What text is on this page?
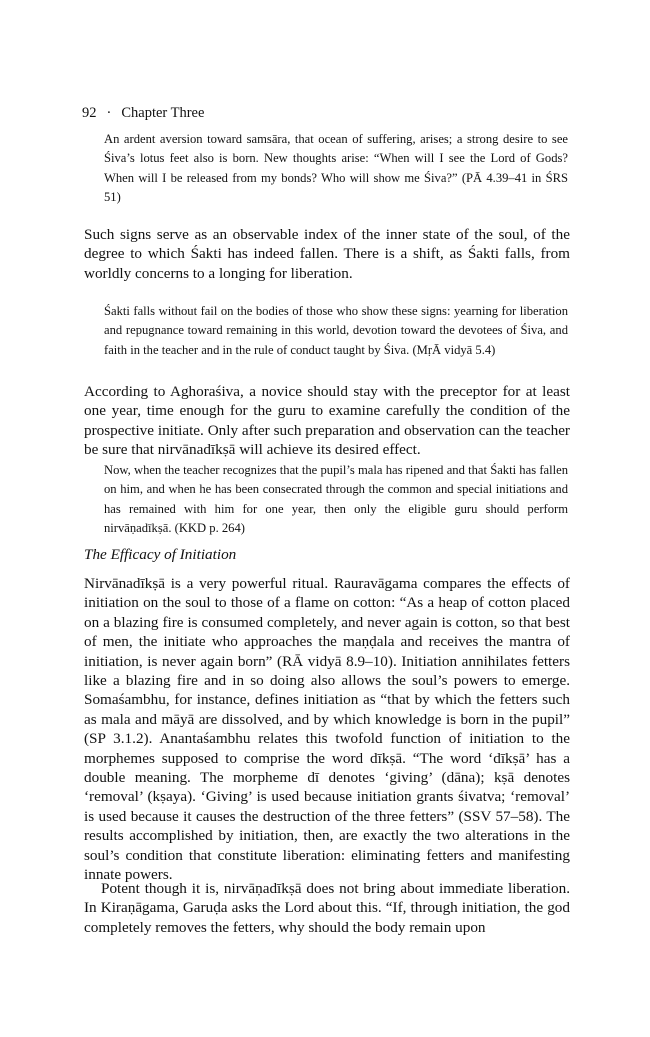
92 · Chapter Three
An ardent aversion toward samsāra, that ocean of suffering, arises; a strong desire to see Śiva’s lotus feet also is born. New thoughts arise: “When will I see the Lord of Gods? When will I be released from my bonds? Who will show me Śiva?” (PĀ 4.39–41 in ŚRS 51)
Such signs serve as an observable index of the inner state of the soul, of the degree to which Śakti has indeed fallen. There is a shift, as Śakti falls, from worldly concerns to a longing for liberation.
Śakti falls without fail on the bodies of those who show these signs: yearning for liberation and repugnance toward remaining in this world, devotion toward the devotees of Śiva, and faith in the teacher and in the rule of conduct taught by Śiva. (MṛĀ vidyā 5.4)
According to Aghoraśiva, a novice should stay with the preceptor for at least one year, time enough for the guru to examine carefully the condition of the prospective initiate. Only after such preparation and observation can the teacher be sure that nirvānadīkṣā will achieve its desired effect.
Now, when the teacher recognizes that the pupil’s mala has ripened and that Śakti has fallen on him, and when he has been consecrated through the common and special initiations and has remained with him for one year, then only the eligible guru should perform nirvāṇadīkṣā. (KKD p. 264)
The Efficacy of Initiation
Nirvānadīkṣā is a very powerful ritual. Rauravāgama compares the effects of initiation on the soul to those of a flame on cotton: “As a heap of cotton placed on a blazing fire is consumed completely, and never again is cotton, so that best of men, the initiate who approaches the maṇḍala and receives the mantra of initiation, is never again born” (RĀ vidyā 8.9–10). Initiation annihilates fetters like a blazing fire and in so doing also allows the soul’s powers to emerge. Somaśambhu, for instance, defines initiation as “that by which the fetters such as mala and māyā are dissolved, and by which knowledge is born in the pupil” (SP 3.1.2). Anantaśambhu relates this twofold function of initiation to the morphemes supposed to comprise the word dīkṣā. “The word ‘dīkṣā’ has a double meaning. The morpheme dī denotes ‘giving’ (dāna); kṣā denotes ‘removal’ (kṣaya). ‘Giving’ is used because initiation grants śivatva; ‘removal’ is used because it causes the destruction of the three fetters” (SSV 57–58). The results accomplished by initiation, then, are exactly the two alterations in the soul’s condition that constitute liberation: eliminating fetters and manifesting innate powers.
Potent though it is, nirvāṇadīkṣā does not bring about immediate liberation. In Kiraṇāgama, Garuḍa asks the Lord about this. “If, through initiation, the god completely removes the fetters, why should the body remain upon
